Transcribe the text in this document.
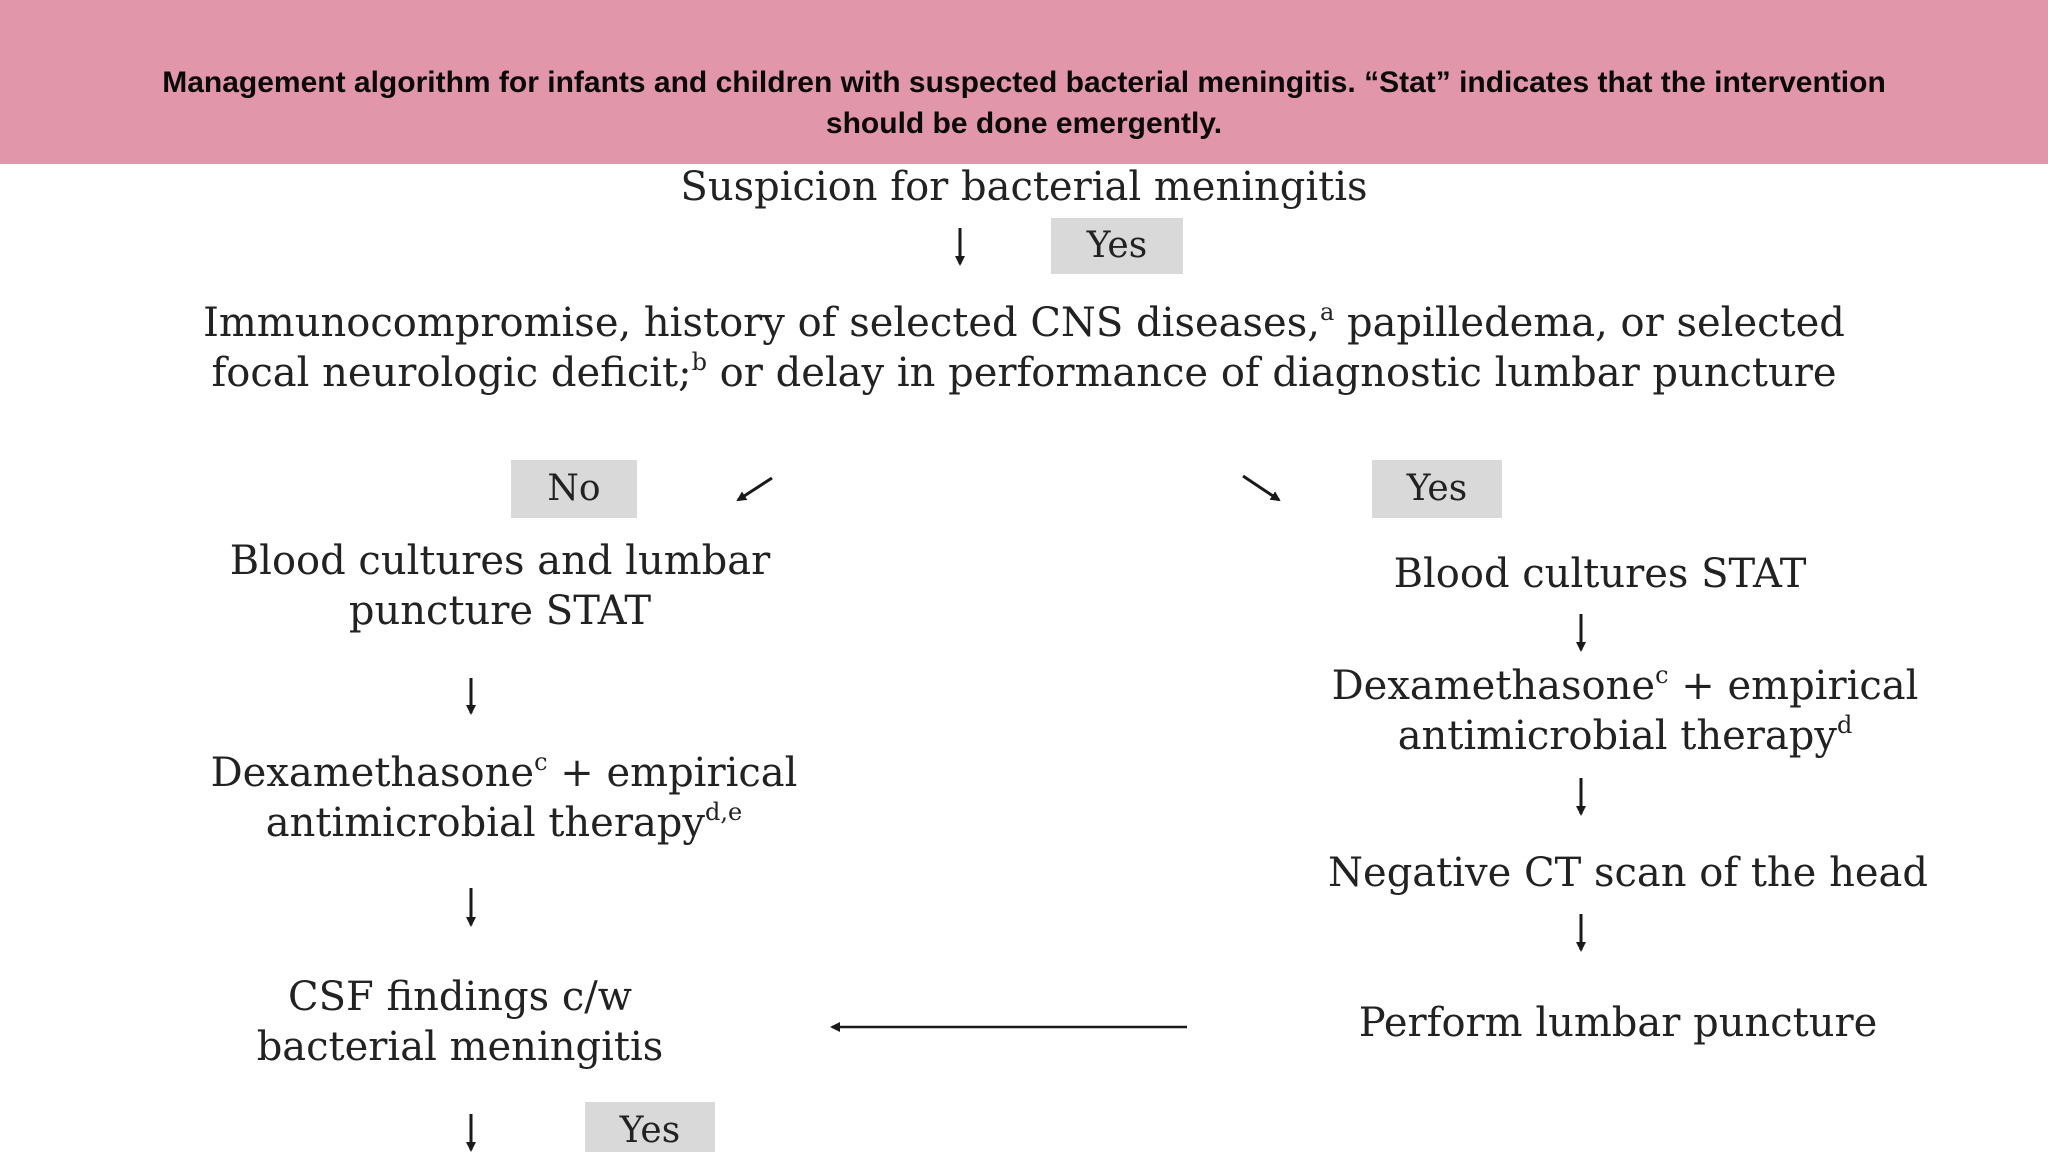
Management algorithm for infants and children with suspected bacterial meningitis. “Stat” indicates that the intervention should be done emergently.
Suspicion for bacterial meningitis
Yes
Immunocompromise, history of selected CNS diseases,$^a$ papilledema, or selected
focal neurologic deficit;$^b$ or delay in performance of diagnostic lumbar puncture
No	Yes
Blood cultures and lumbar
puncture STAT
Dexamethasone$^c$ + empirical
antimicrobial therapy$^{d,e}$
CSF findings c/w
bacterial meningitis
Yes
Blood cultures STAT
Dexamethasone$^c$ + empirical
antimicrobial therapy$^d$
Negative CT scan of the head
Perform lumbar puncture
